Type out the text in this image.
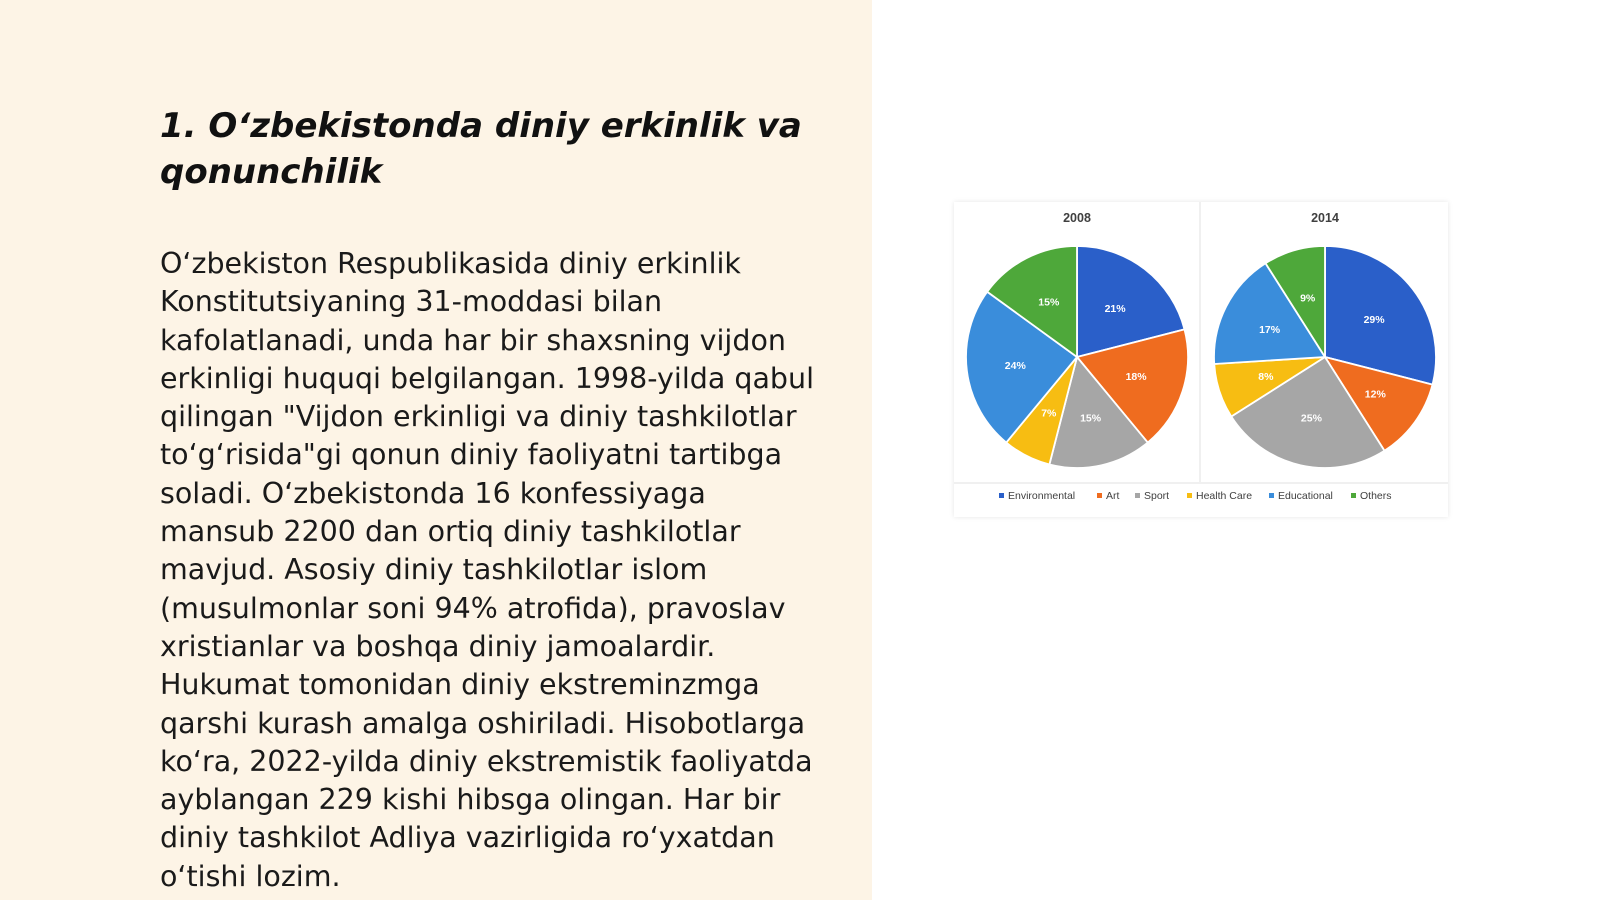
1. O‘zbekistonda diniy erkinlik va qonunchilik

O‘zbekiston Respublikasida diniy erkinlik Konstitutsiyaning 31-moddasi bilan kafolatlanadi, unda har bir shaxsning vijdon erkinligi huquqi belgilangan. 1998-yilda qabul qilingan "Vijdon erkinligi va diniy tashkilotlar to‘g‘risida"gi qonun diniy faoliyatni tartibga soladi. O‘zbekistonda 16 konfessiyaga mansub 2200 dan ortiq diniy tashkilotlar mavjud. Asosiy diniy tashkilotlar islom (musulmonlar soni 94% atrofida), pravoslav xristianlar va boshqa diniy jamoalardir. Hukumat tomonidan diniy ekstreminzmga qarshi kurash amalga oshiriladi. Hisobotlarga ko‘ra, 2022-yilda diniy ekstremistik faoliyatda ayblangan 229 kishi hibsga olingan. Har bir diniy tashkilot Adliya vazirligida ro‘yxatdan o‘tishi lozim.

2008
21%
18%
15%
7%
24%
15%
2014
29%
12%
25%
8%
17%
9%
Environmental	Art Sport	Health Care Educational	Others
